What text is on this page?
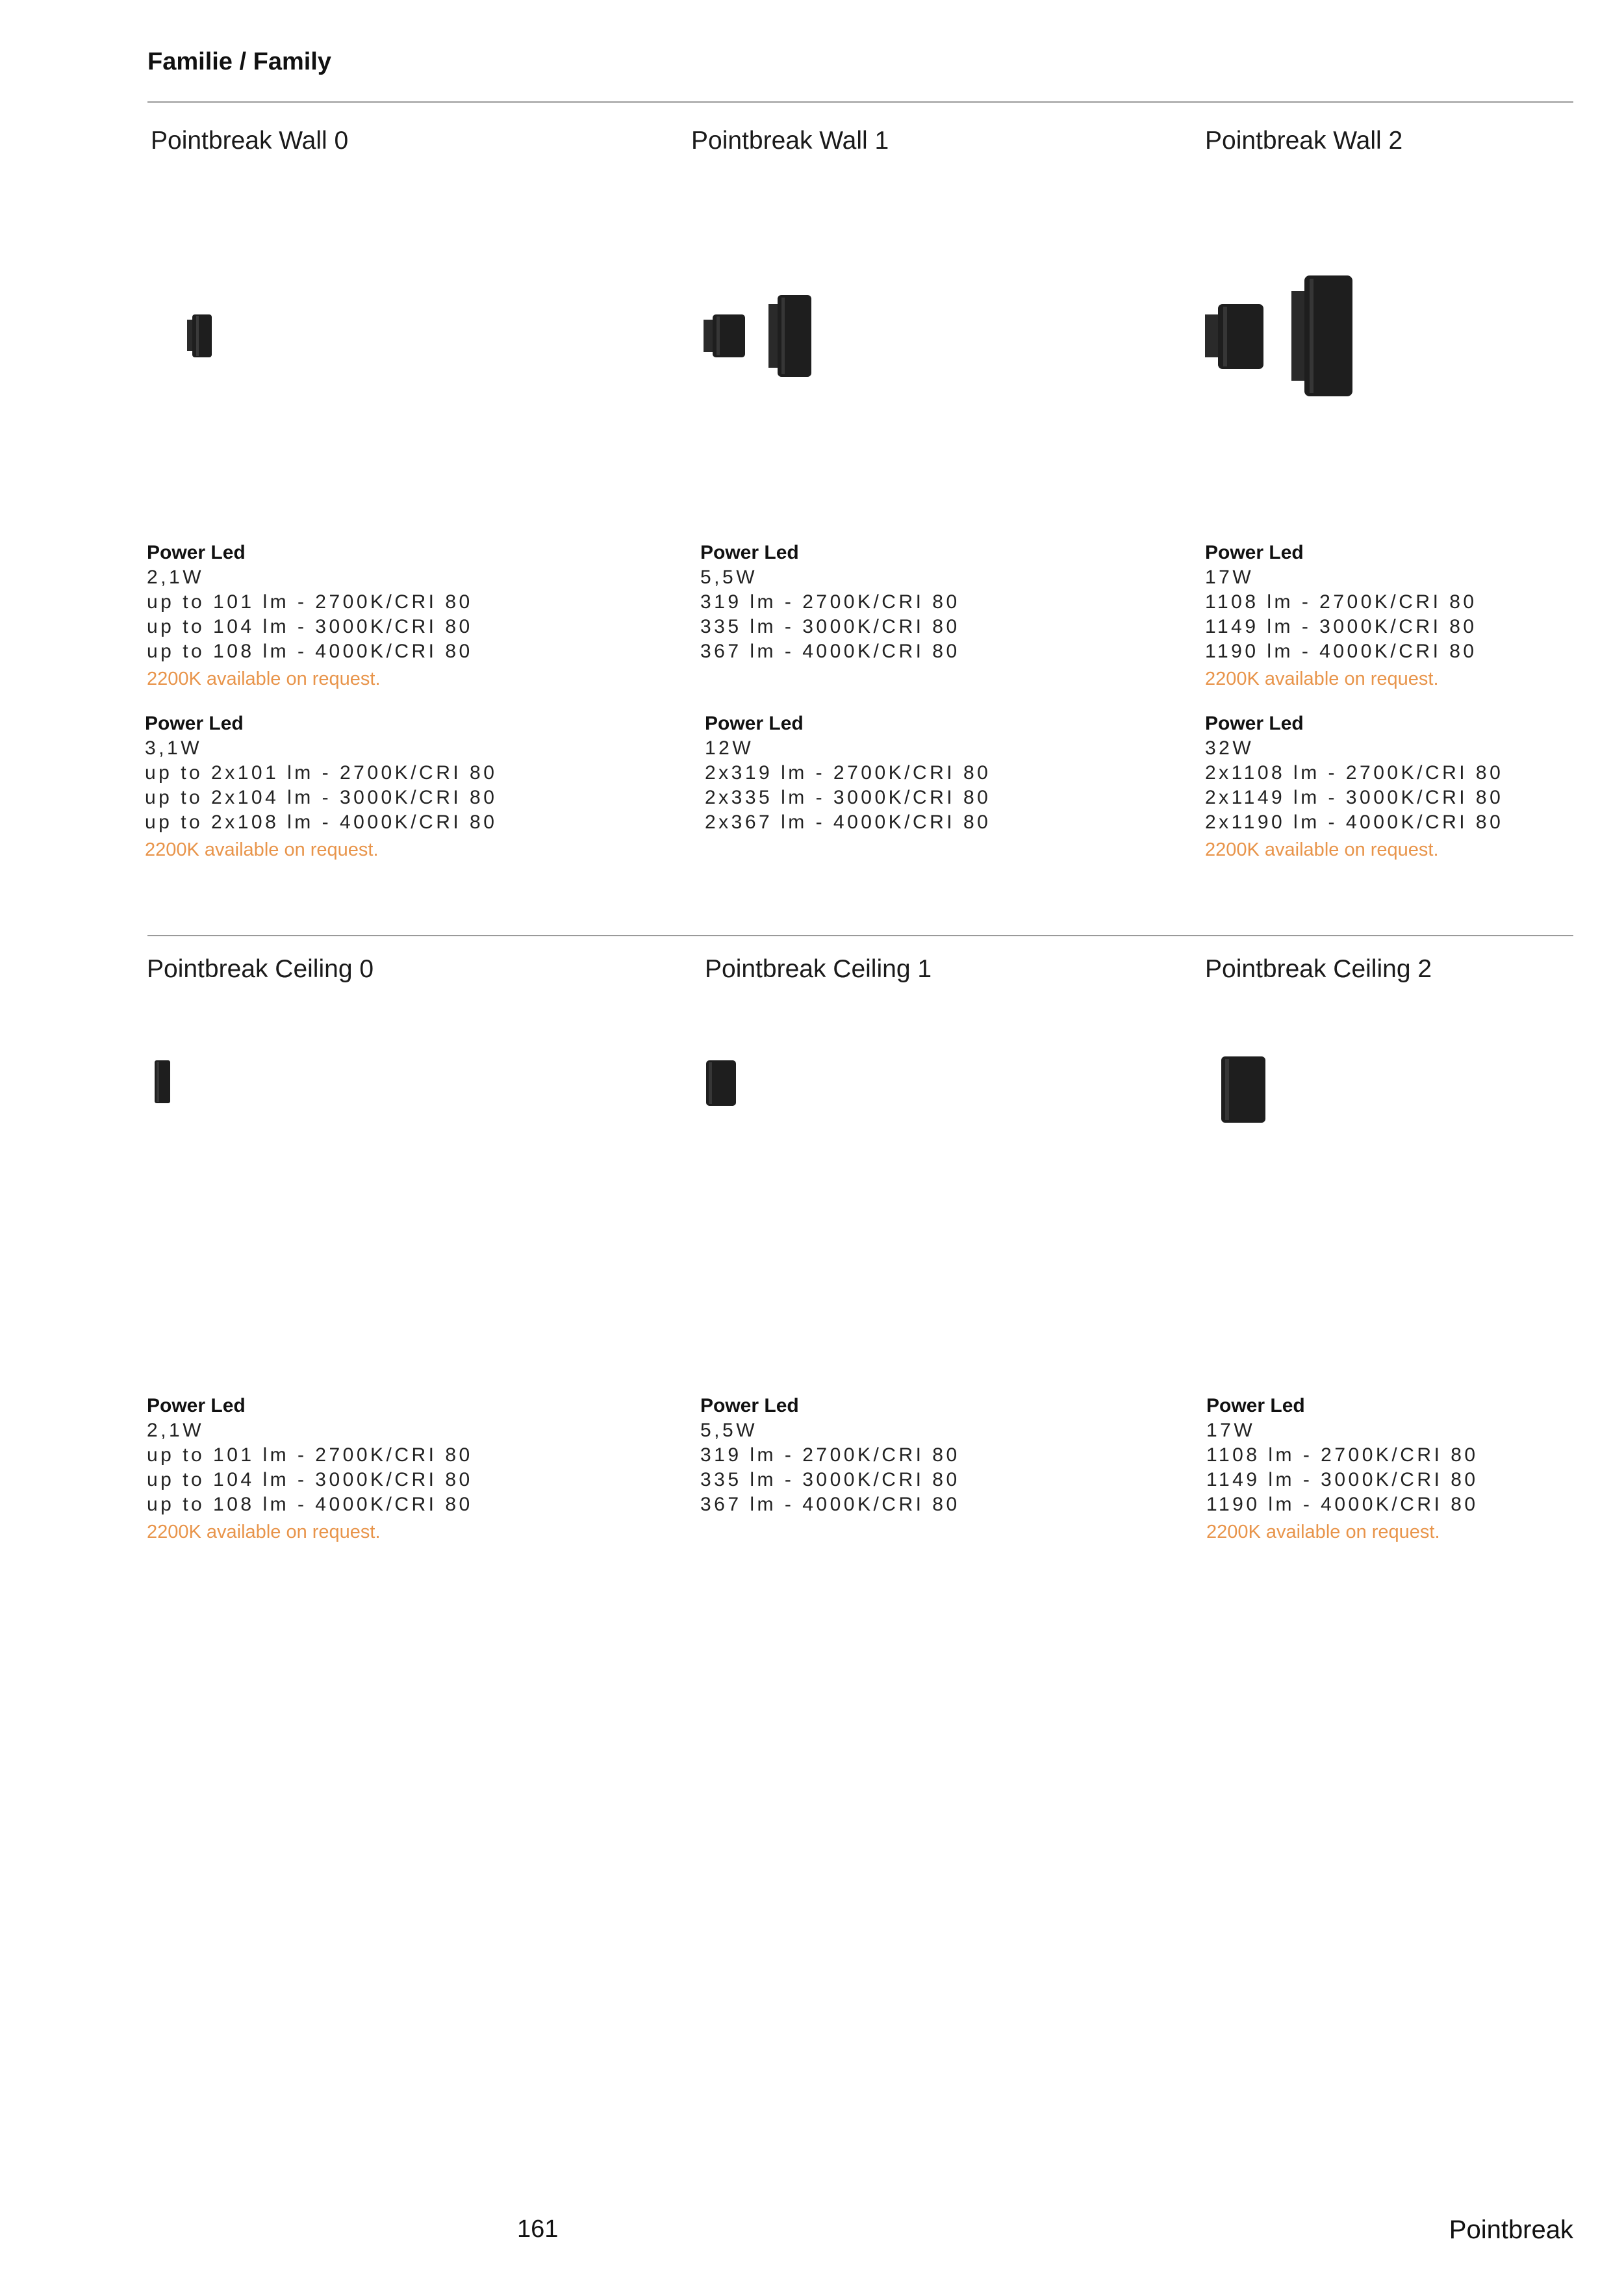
Familie / Family
Pointbreak Wall 0	Pointbreak Wall 1	Pointbreak Wall 2
Power Led
2,1W
up to 101 lm - 2700K/CRI 80
up to 104 lm - 3000K/CRI 80
up to 108 lm - 4000K/CRI 80
2200K available on request.
Power Led
5,5W
319 lm - 2700K/CRI 80
335 lm - 3000K/CRI 80
367 lm - 4000K/CRI 80
Power Led
17W
1108 lm - 2700K/CRI 80
1149 lm - 3000K/CRI 80
1190 lm - 4000K/CRI 80
2200K available on request.
Power Led
3,1W
up to 2x101 lm - 2700K/CRI 80
up to 2x104 lm - 3000K/CRI 80
up to 2x108 lm - 4000K/CRI 80
2200K available on request.
Power Led
12W
2x319 lm - 2700K/CRI 80
2x335 lm - 3000K/CRI 80
2x367 lm - 4000K/CRI 80
Power Led
32W
2x1108 lm - 2700K/CRI 80
2x1149 lm - 3000K/CRI 80
2x1190 lm - 4000K/CRI 80
2200K available on request.
Pointbreak Ceiling 0	Pointbreak Ceiling 1	Pointbreak Ceiling 2
Power Led
2,1W
up to 101 lm - 2700K/CRI 80
up to 104 lm - 3000K/CRI 80
up to 108 lm - 4000K/CRI 80
2200K available on request.
Power Led
5,5W
319 lm - 2700K/CRI 80
335 lm - 3000K/CRI 80
367 lm - 4000K/CRI 80
Power Led
17W
1108 lm - 2700K/CRI 80
1149 lm - 3000K/CRI 80
1190 lm - 4000K/CRI 80
2200K available on request.
161	Pointbreak
